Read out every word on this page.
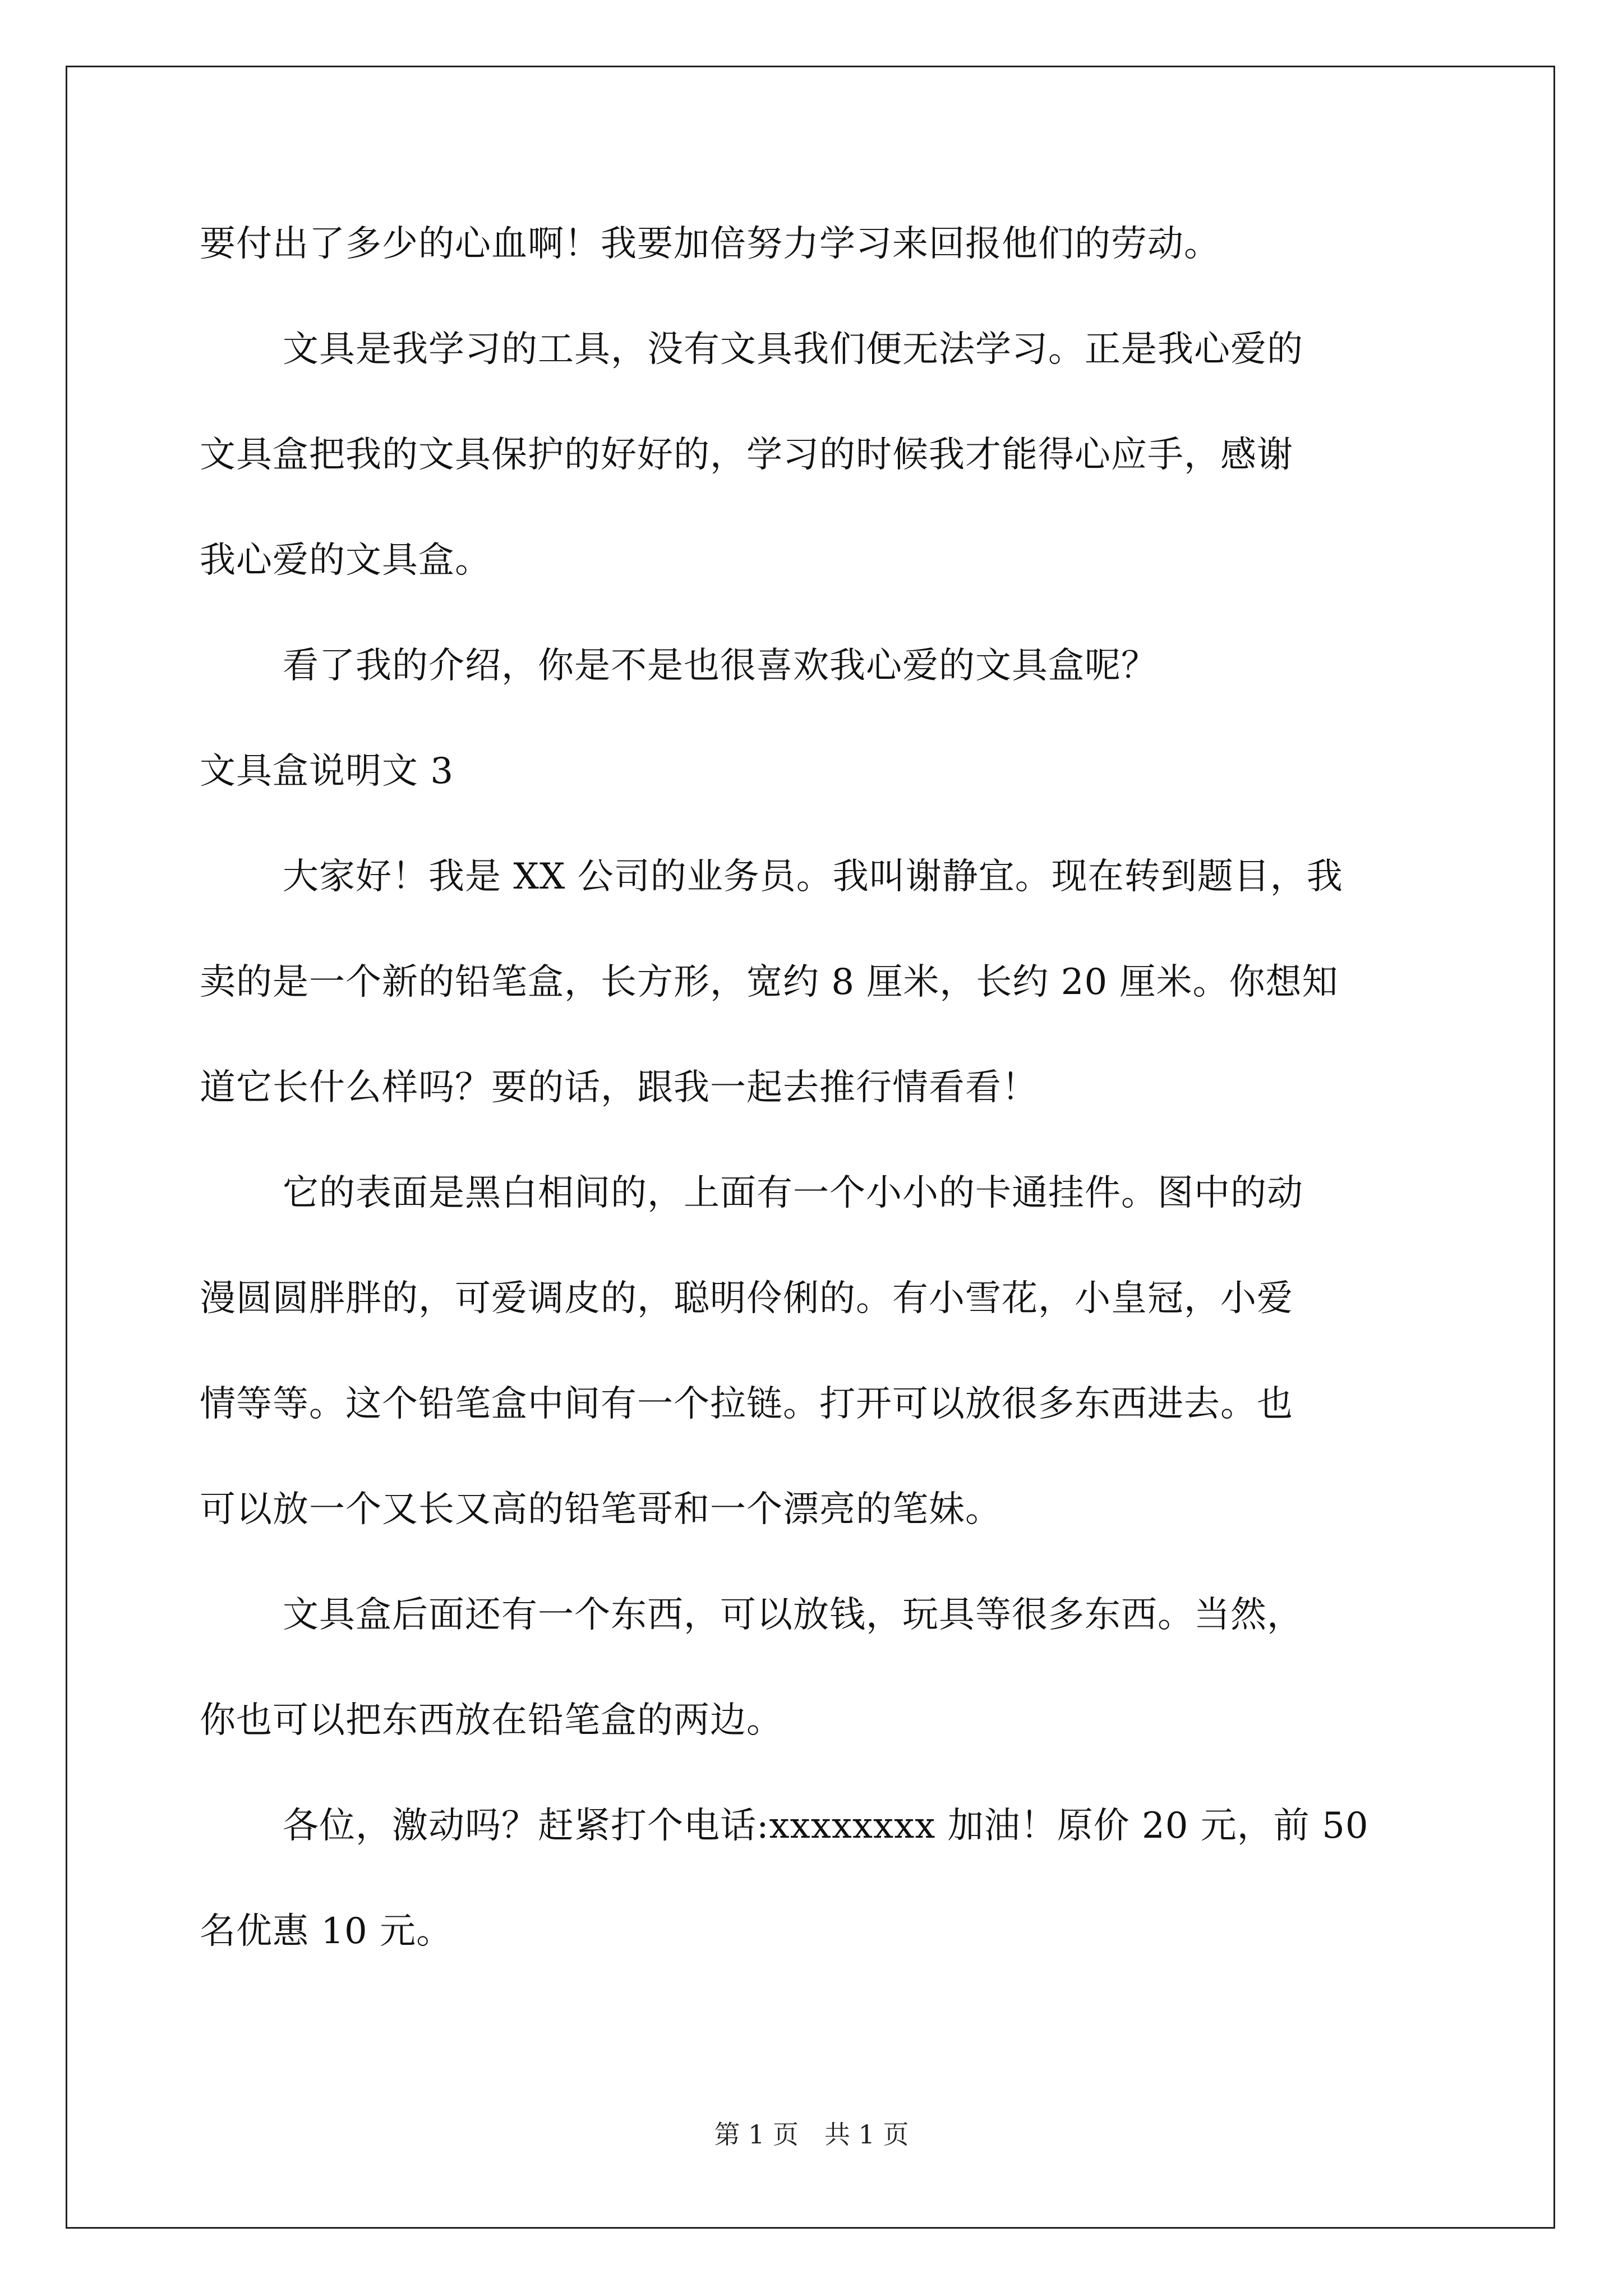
要付出了多少的心血啊！我要加倍努力学习来回报他们的劳动。
文具是我学习的工具，没有文具我们便无法学习。正是我心爱的
文具盒把我的文具保护的好好的，学习的时候我才能得心应手，感谢
我心爱的文具盒。
看了我的介绍，你是不是也很喜欢我心爱的文具盒呢？
文具盒说明文 3
大家好！我是 XX 公司的业务员。我叫谢静宜。现在转到题目，我
卖的是一个新的铅笔盒，长方形，宽约 8 厘米，长约 20 厘米。你想知
道它长什么样吗？要的话，跟我一起去推行情看看！
它的表面是黑白相间的，上面有一个小小的卡通挂件。图中的动
漫圆圆胖胖的，可爱调皮的，聪明伶俐的。有小雪花，小皇冠，小爱
情等等。这个铅笔盒中间有一个拉链。打开可以放很多东西进去。也
可以放一个又长又高的铅笔哥和一个漂亮的笔妹。
文具盒后面还有一个东西，可以放钱，玩具等很多东西。当然，
你也可以把东西放在铅笔盒的两边。
各位，激动吗？赶紧打个电话:xxxxxxxx 加油！原价 20 元，前 50
名优惠 10 元。
第 1 页　共 1 页
